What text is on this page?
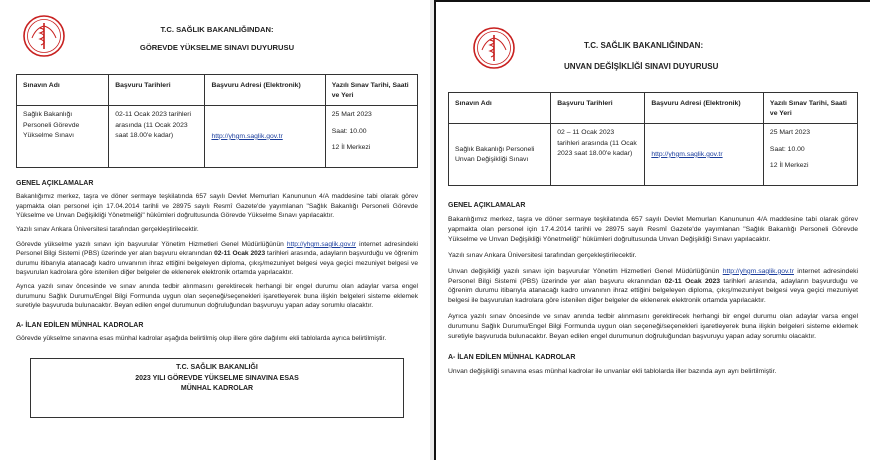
T.C. SAĞLIK BAKANLIĞINDAN:
GÖREVDE YÜKSELME SINAVI DUYURUSU
Sınavın Adı	Başvuru Tarihleri	Başvuru Adresi (Elektronik)	Yazılı Sınav Tarihi, Saati ve Yeri
Sağlık Bakanlığı Personeli Görevde Yükselme Sınavı	02-11 Ocak 2023 tarihleri arasında (11 Ocak 2023 saat 18.00'e kadar)	http://yhgm.saglik.gov.tr	25 Mart 2023
Saat: 10.00
12 İl Merkezi
GENEL AÇIKLAMALAR

Bakanlığımız merkez, taşra ve döner sermaye teşkilatında 657 sayılı Devlet Memurları Kanununun 4/A maddesine tabi olarak görev yapmakta olan personel için 17.04.2014 tarihli ve 28975 sayılı Resmî Gazete'de yayımlanan "Sağlık Bakanlığı Personeli Görevde Yükselme ve Unvan Değişikliği Yönetmeliği" hükümleri doğrultusunda Görevde Yükselme Sınavı yapılacaktır.

Yazılı sınav Ankara Üniversitesi tarafından gerçekleştirilecektir.

Görevde yükselme yazılı sınavı için başvurular Yönetim Hizmetleri Genel Müdürlüğünün http://yhgm.saglik.gov.tr internet adresindeki Personel Bilgi Sistemi (PBS) üzerinde yer alan başvuru ekranından 02-11 Ocak 2023 tarihleri arasında, adayların başvurduğu ve öğrenim durumu itibarıyla atanacağı kadro unvanının ihraz ettiğini belgeleyen diploma, çıkış/mezuniyet belgesi veya geçici mezuniyet belgesi ve başvurulan kadrolara göre istenilen diğer belgeler de eklenerek elektronik ortamda yapılacaktır.

Ayrıca yazılı sınav öncesinde ve sınav anında tedbir alınmasını gerektirecek herhangi bir engel durumu olan adaylar varsa engel durumunu Sağlık Durumu/Engel Bilgi Formunda uygun olan seçeneği/seçenekleri işaretleyerek buna ilişkin belgeleri sisteme eklemek suretiyle başvuruda bulunacaktır. Beyan edilen engel durumunun doğruluğundan başvuruyu yapan aday sorumlu olacaktır.

A- İLAN EDİLEN MÜNHAL KADROLAR

Görevde yükselme sınavına esas münhal kadrolar aşağıda belirtilmiş olup illere göre dağılımı ekli tablolarda ayrıca belirtilmiştir.

T.C. SAĞLIK BAKANLIĞI
2023 YILI GÖREVDE YÜKSELME SINAVINA ESAS
MÜNHAL KADROLAR
T.C. SAĞLIK BAKANLIĞINDAN:
UNVAN DEĞİŞİKLİĞİ SINAVI DUYURUSU
Sınavın Adı	Başvuru Tarihleri	Başvuru Adresi (Elektronik)	Yazılı Sınav Tarihi, Saati ve Yeri
Sağlık Bakanlığı Personeli Unvan Değişikliği Sınavı	02 – 11 Ocak 2023 tarihleri arasında (11 Ocak 2023 saat 18.00'e kadar)	http://yhgm.saglik.gov.tr	25 Mart 2023
Saat: 10.00
12 İl Merkezi
GENEL AÇIKLAMALAR

Bakanlığımız merkez, taşra ve döner sermaye teşkilatında 657 sayılı Devlet Memurları Kanununun 4/A maddesine tabi olarak görev yapmakta olan personel için 17.4.2014 tarihli ve 28975 sayılı Resmî Gazete'de yayımlanan "Sağlık Bakanlığı Personeli Görevde Yükselme ve Unvan Değişikliği Yönetmeliği" hükümleri doğrultusunda Unvan Değişikliği Sınavı yapılacaktır.

Yazılı sınav Ankara Üniversitesi tarafından gerçekleştirilecektir.

Unvan değişikliği yazılı sınavı için başvurular Yönetim Hizmetleri Genel Müdürlüğünün http://yhgm.saglik.gov.tr internet adresindeki Personel Bilgi Sistemi (PBS) üzerinde yer alan başvuru ekranından 02-11 Ocak 2023 tarihleri arasında, adayların başvurduğu ve öğrenim durumu itibarıyla atanacağı kadro unvanının ihraz ettiğini belgeleyen diploma, çıkış/mezuniyet belgesi veya geçici mezuniyet belgesi ile başvurulan kadrolara göre istenilen diğer belgeler de eklenerek elektronik ortamda yapılacaktır.

Ayrıca yazılı sınav öncesinde ve sınav anında tedbir alınmasını gerektirecek herhangi bir engel durumu olan adaylar varsa engel durumunu Sağlık Durumu/Engel Bilgi Formunda uygun olan seçeneği/seçenekleri işaretleyerek buna ilişkin belgeleri sisteme eklemek suretiyle başvuruda bulunacaktır. Beyan edilen engel durumunun doğruluğundan başvuruyu yapan aday sorumlu olacaktır.

A- İLAN EDİLEN MÜNHAL KADROLAR

Unvan değişikliği sınavına esas münhal kadrolar ile unvanlar ekli tablolarda iller bazında ayrı ayrı belirtilmiştir.
